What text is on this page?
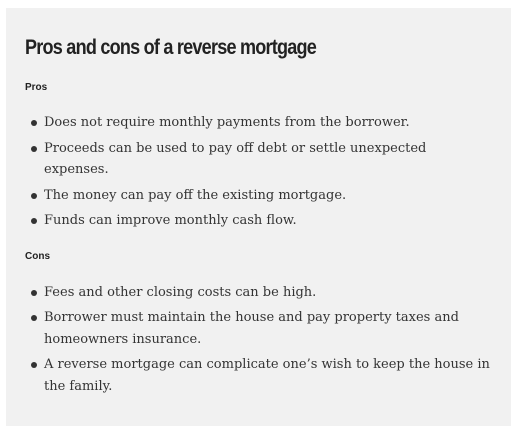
Pros and cons of a reverse mortgage
Pros
Does not require monthly payments from the borrower.
Proceeds can be used to pay off debt or settle unexpected expenses.
The money can pay off the existing mortgage.
Funds can improve monthly cash flow.
Cons
Fees and other closing costs can be high.
Borrower must maintain the house and pay property taxes and homeowners insurance.
A reverse mortgage can complicate one’s wish to keep the house in the family.
